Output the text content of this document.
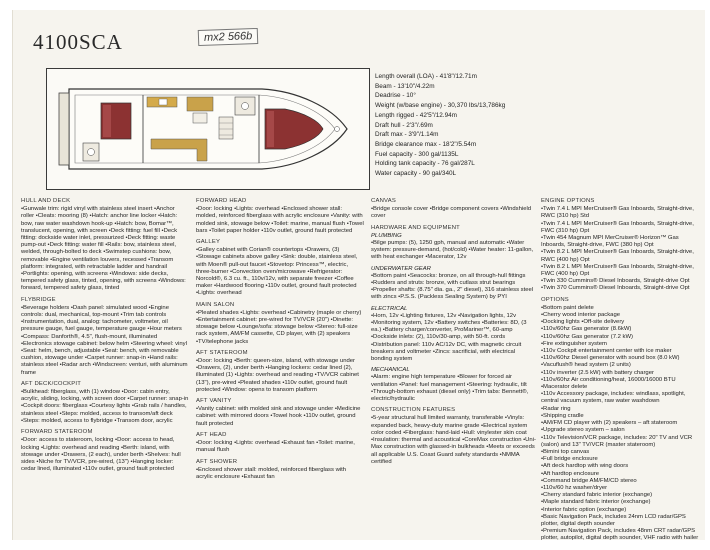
4100SCA	mx2 566b
Length overall (LOA) - 41'8"/12.71m
Beam - 13'10"/4.22m
Deadrise - 10°
Weight (w/base engine) - 30,370 lbs/13,786kg
Length rigged - 42'5"/12.94m
Draft hull - 2'3"/.69m
Draft max - 3'9"/1.14m
Bridge clearance max - 18'2"/5.54m
Fuel capacity - 300 gal/1135L
Holding tank capacity - 76 gal/287L
Water capacity - 90 gal/340L
HULL AND DECK
•Gunwale trim: rigid vinyl with stainless steel insert •Anchor roller •Cleats: mooring (8) •Hatch: anchor line locker •Hatch: bow, raw water washdown hook-up •Hatch: bow, Bomar™, translucent, opening, with screen •Deck fitting: fuel fill •Deck fitting: dockside water inlet, pressurized •Deck fitting: waste pump-out •Deck fitting: water fill •Rails: bow, stainless steel, welded, through-bolted to deck •Swimstep cushions: bow, removable •Engine ventilation louvers, recessed •Transom platform: integrated, with retractable ladder and handrail •Portlights: opening, with screens •Windows: side decks, tempered safety glass, tinted, opening, with screens •Windows: forward, tempered safety glass, tinted
FLYBRIDGE
•Beverage holders •Dash panel: simulated wood •Engine controls: dual, mechanical, top-mount •Trim tab controls •Instrumentation, dual, analog: tachometer, voltmeter, oil pressure gauge, fuel gauge, temperature gauge •Hour meters •Compass: Danforth®, 4.5", flush-mount, illuminated •Electronics stowage cabinet: below helm •Steering wheel: vinyl •Seat: helm, bench, adjustable •Seat: bench, with removable cushion, stowage under •Carpet runner: snap-in •Hand rails: stainless steel •Radar arch •Windscreen: venturi, with aluminum frame
AFT DECK/COCKPIT
•Bulkhead: fiberglass, with (1) window •Door: cabin entry, acrylic, sliding, locking, with screen door •Carpet runner: snap-in •Cockpit doors: fiberglass •Courtesy lights •Grab rails / handles, stainless steel •Steps: molded, access to transom/aft deck •Steps: molded, access to flybridge •Transom door, acrylic
FORWARD STATEROOM
•Door: access to stateroom, locking •Door: access to head, locking •Lights: overhead and reading •Berth: island, with stowage under •Drawers, (2 each), under berth •Shelves: hull sides •Niche for TV/VCR, pre-wired, (13") •Hanging locker: cedar lined, illuminated •110v outlet, ground fault protected
FORWARD HEAD
•Door: locking •Lights: overhead •Enclosed shower stall: molded, reinforced fiberglass with acrylic enclosure •Vanity: with molded sink, stowage below •Toilet: marine, manual flush •Towel bars •Toilet paper holder •110v outlet, ground fault protected
GALLEY
•Galley cabinet with Corian® countertops •Drawers, (3) •Stowage cabinets above galley •Sink: double, stainless steel, with Moen® pull-out faucet •Stovetop: Princess™, electric, three-burner •Convection oven/microwave •Refrigerator: Norcold®, 6.3 cu. ft., 110v/12v, with separate freezer •Coffee maker •Hardwood flooring •110v outlet, ground fault protected •Lights: overhead
MAIN SALON
•Pleated shades •Lights: overhead •Cabinetry (maple or cherry) •Entertainment cabinet: pre-wired for TV/VCR (20") •Dinette: stowage below •Lounge/sofa: stowage below •Stereo: full-size rack system, AM/FM cassette, CD player, with (2) speakers •TV/telephone jacks
AFT STATEROOM
•Door: locking •Berth: queen-size, island, with stowage under •Drawers, (2), under berth •Hanging lockers: cedar lined (2), illuminated (1) •Lights: overhead and reading •TV/VCR cabinet (13"), pre-wired •Pleated shades •110v outlet, ground fault protected •Window: opens to transom platform
AFT VANITY
•Vanity cabinet: with molded sink and stowage under •Medicine cabinet: with mirrored doors •Towel hook •110v outlet, ground fault protected
AFT HEAD
•Door: locking •Lights: overhead •Exhaust fan •Toilet: marine, manual flush
AFT SHOWER
•Enclosed shower stall: molded, reinforced fiberglass with acrylic enclosure •Exhaust fan
CANVAS
•Bridge console cover •Bridge component covers •Windshield cover
HARDWARE AND EQUIPMENT
PLUMBING
•Bilge pumps: (5), 1250 gph, manual and automatic •Water system: pressure-demand, (hot/cold) •Water heater: 11-gallon, with heat exchanger •Macerator, 12v
UNDERWATER GEAR
•Bottom paint •Seacocks: bronze, on all through-hull fittings •Rudders and struts: bronze, with cutlass strut bearings •Propeller shafts: (8.75" dia. ga., 2" diesel), 316 stainless steel with zincs •P.S.S. (Packless Sealing System) by PYI
ELECTRICAL
•Horn, 12v •Lighting fixtures, 12v •Navigation lights, 12v •Monitoring system, 12v •Battery switches •Batteries: 8D, (3 ea.) •Battery charger/converter, ProMariner™, 60-amp •Dockside inlets: (2), 110v/30-amp, with 50-ft. cords •Distribution panel: 110v AC/12v DC, with magnetic circuit breakers and voltmeter •Zincs: sacrificial, with electrical bonding system
MECHANICAL
•Alarm: engine high temperature •Blower for forced air ventilation •Panel: fuel management •Steering: hydraulic, tilt •Through-bottom exhaust (diesel only) •Trim tabs: Bennett®, electric/hydraulic
CONSTRUCTION FEATURES
•5-year structural hull limited warranty, transferable •Vinyls: expanded back, heavy-duty marine grade •Electrical system color coded •Fiberglass: hand-laid •Hull: vinylester skin coat •Insulation: thermal and acoustical •CoreMax construction •Uni-Max construction with glassed-in bulkheads •Meets or exceeds all applicable U.S. Coast Guard safety standards •NMMA certified
ENGINE OPTIONS
•Twin 7.4 L MPI MerCruiser® Gas Inboards, Straight-drive, RWC (310 hp) Std
•Twin 7.4 L MPI MerCruiser® Gas Inboards, Straight-drive, FWC (310 hp) Opt
•Twin 454 Magnum MPI MerCruiser® Horizon™ Gas Inboards, Straight-drive, FWC (380 hp) Opt
•Twin 8.2 L MPI MerCruiser® Gas Inboards, Straight-drive, RWC (400 hp) Opt
•Twin 8.2 L MPI MerCruiser® Gas Inboards, Straight-drive, FWC (400 hp) Opt
•Twin 330 Cummins® Diesel Inboards, Straight-drive Opt
•Twin 370 Cummins® Diesel Inboards, Straight-drive Opt
OPTIONS
•Bottom paint delete
•Cherry wood interior package
•Docking lights •Off-site delivery
•110v/60hz Gas generator (8.6kW)
•110v/60hz Gas generator (7.2 kW)
•Fire extinguisher system
•110v Cockpit entertainment center with ice maker
•110v/60hz Diesel generator with sound box (8.0 kW)
•Vacuflush® head system (2 units)
•110v inverter (2.5 kW) with battery charger
•110v/60hz Air conditioning/heat, 16000/16000 BTU
•Macerator delete
•110v Accessory package, includes: windlass, spotlight, central vacuum system, raw water washdown
•Radar ring
•Shipping cradle
•AM/FM CD player with (2) speakers – aft stateroom
•Upgrade stereo system – salon
•110v Television/VCR package, includes: 20" TV and VCR (salon) and 13" TV/VCR (master stateroom)
•Bimini top canvas
•Full bridge enclosure
•Aft deck hardtop with wing doors
•Aft hardtop enclosure
•Command bridge AM/FM/CD stereo
•110v/60 hz washer/dryer
•Cherry standard fabric interior (exchange)
•Maple standard fabric interior (exchange)
•Interior fabric option (exchange)
•Basic Navigation Pack, includes 24nm LCD radar/GPS plotter, digital depth sounder
•Premium Navigation Pack, includes 48nm CRT radar/GPS plotter, autopilot, digital depth sounder, VHF radio with hailer
